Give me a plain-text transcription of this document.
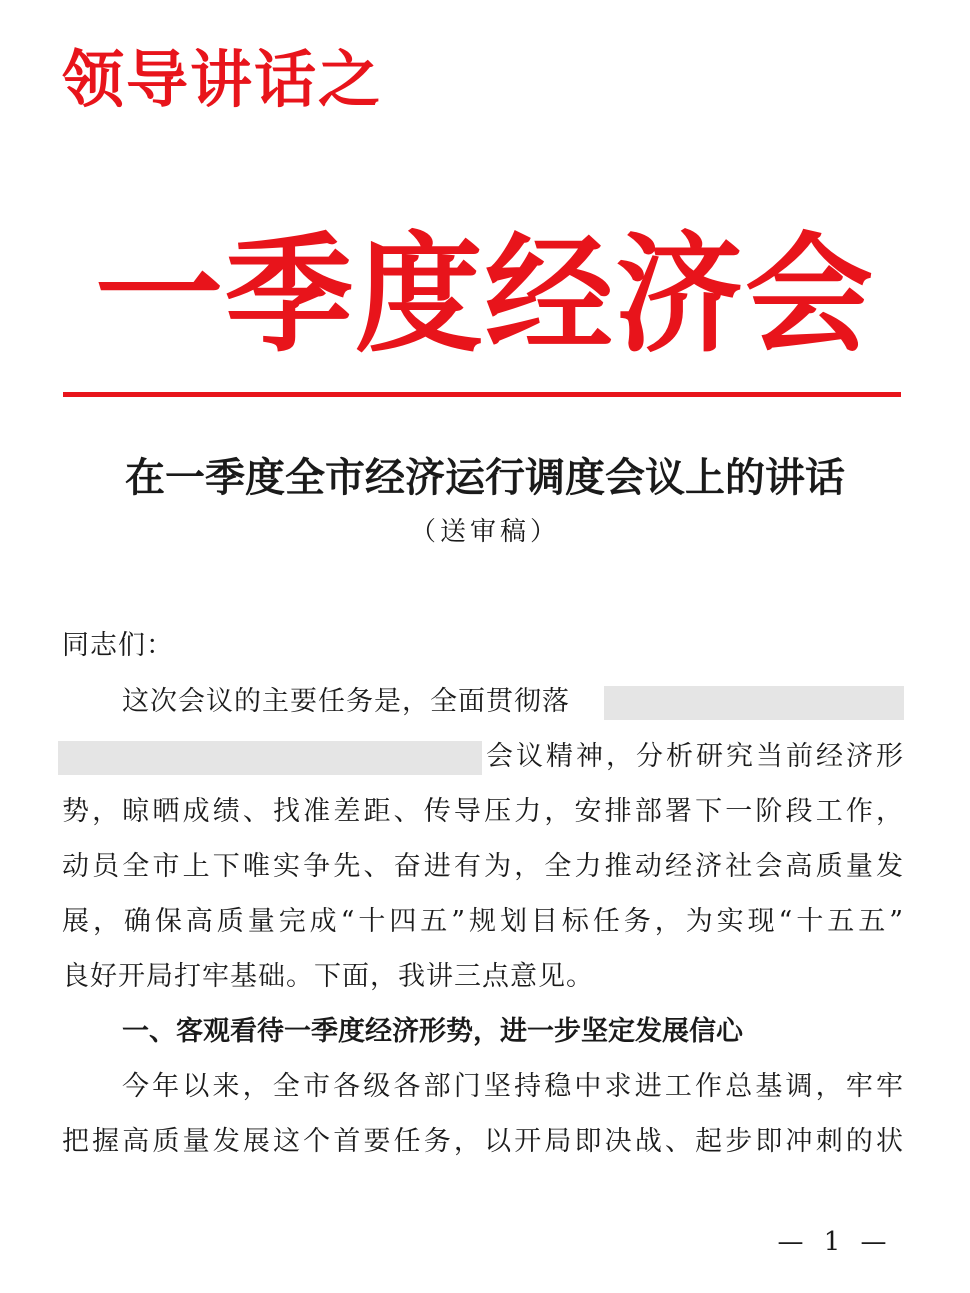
领导讲话之
一季度经济会
在一季度全市经济运行调度会议上的讲话
（送审稿）
同志们：
这次会议的主要任务是，全面贯彻落
会议精神，分析研究当前经济形
势，晾晒成绩、找准差距、传导压力，安排部署下一阶段工作，
动员全市上下唯实争先、奋进有为，全力推动经济社会高质量发
展，确保高质量完成“十四五”规划目标任务，为实现“十五五”
良好开局打牢基础。下面，我讲三点意见。
一、客观看待一季度经济形势，进一步坚定发展信心
今年以来，全市各级各部门坚持稳中求进工作总基调，牢牢
把握高质量发展这个首要任务，以开局即决战、起步即冲刺的状
— 1 —
